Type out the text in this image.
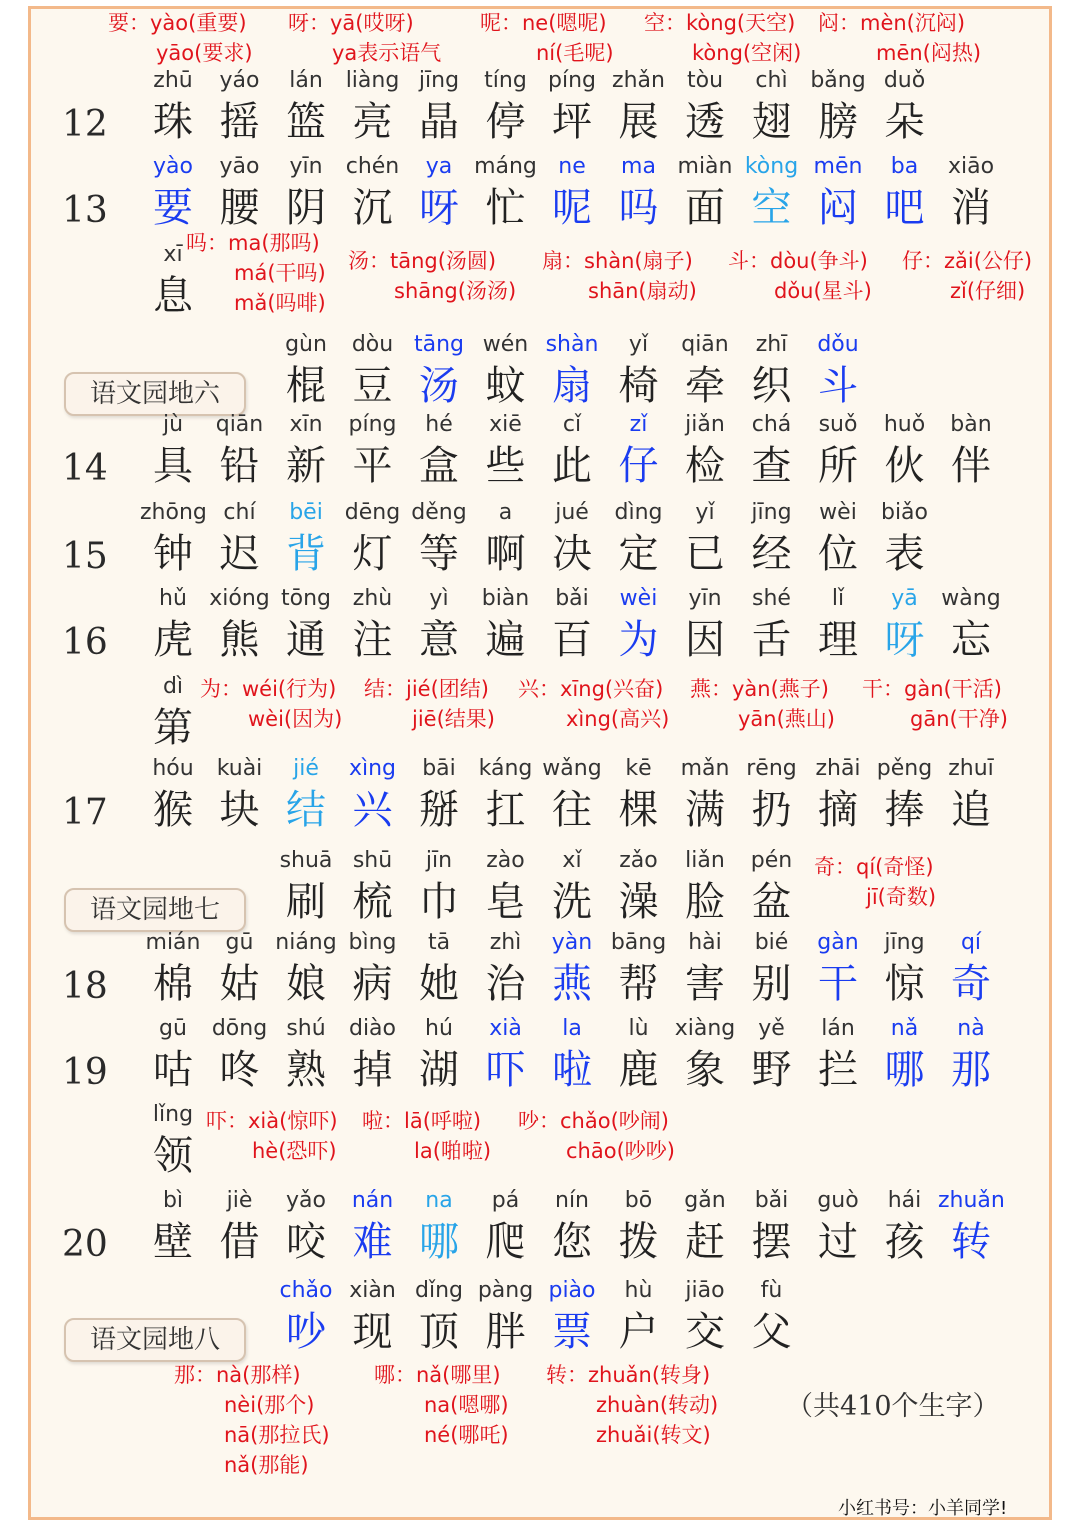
12
zhū
珠
yáo
摇
lán
篮
liàng
亮
jīng
晶
tíng
停
píng
坪
zhǎn
展
tòu
透
chì
翅
bǎng
膀
duǒ
朵
13
yào
要
yāo
腰
yīn
阴
chén
沉
ya
呀
máng
忙
ne
呢
ma
吗
miàn
面
kòng
空
mēn
闷
ba
吧
xiāo
消
xī
息
语文园地六
gùn
棍
dòu
豆
tāng
汤
wén
蚊
shàn
扇
yǐ
椅
qiān
牵
zhī
织
dǒu
斗
14
jù
具
qiān
铅
xīn
新
píng
平
hé
盒
xiē
些
cǐ
此
zǐ
仔
jiǎn
检
chá
查
suǒ
所
huǒ
伙
bàn
伴
15
zhōng
钟
chí
迟
bēi
背
dēng
灯
děng
等
a
啊
jué
决
dìng
定
yǐ
已
jīng
经
wèi
位
biǎo
表
16
hǔ
虎
xióng
熊
tōng
通
zhù
注
yì
意
biàn
遍
bǎi
百
wèi
为
yīn
因
shé
舌
lǐ
理
yā
呀
wàng
忘
dì
第
17
hóu
猴
kuài
块
jié
结
xìng
兴
bāi
掰
káng
扛
wǎng
往
kē
棵
mǎn
满
rēng
扔
zhāi
摘
pěng
捧
zhuī
追
语文园地七
shuā
刷
shū
梳
jīn
巾
zào
皂
xǐ
洗
zǎo
澡
liǎn
脸
pén
盆
18
mián
棉
gū
姑
niáng
娘
bìng
病
tā
她
zhì
治
yàn
燕
bāng
帮
hài
害
bié
别
gàn
干
jīng
惊
qí
奇
19
gū
咕
dōng
咚
shú
熟
diào
掉
hú
湖
xià
吓
la
啦
lù
鹿
xiàng
象
yě
野
lán
拦
nǎ
哪
nà
那
lǐng
领
20
bì
壁
jiè
借
yǎo
咬
nán
难
na
哪
pá
爬
nín
您
bō
拨
gǎn
赶
bǎi
摆
guò
过
hái
孩
zhuǎn
转
语文园地八
chǎo
吵
xiàn
现
dǐng
顶
pàng
胖
piào
票
hù
户
jiāo
交
fù
父
要：yào(重要)
yāo(要求)
呀：yā(哎呀)
ya表示语气
呢：ne(嗯呢)
ní(毛呢)
空：kòng(天空)
kòng(空闲)
闷：mèn(沉闷)
mēn(闷热)
吗：ma(那吗)
má(干吗)
mǎ(吗啡)
汤：tāng(汤圆)
shāng(汤汤)
扇：shàn(扇子)
shān(扇动)
斗：dòu(争斗)
dǒu(星斗)
仔：zǎi(公仔)
zǐ(仔细)
为：wéi(行为)
wèi(因为)
结：jié(团结)
jiē(结果)
兴：xīng(兴奋)
xìng(高兴)
燕：yàn(燕子)
yān(燕山)
干：gàn(干活)
gān(干净)
奇：qí(奇怪)
jī(奇数)
吓：xià(惊吓)
hè(恐吓)
啦：lā(呼啦)
la(啪啦)
吵：chǎo(吵闹)
chāo(吵吵)
那：nà(那样)
nèi(那个)
nā(那拉氏)
nǎ(那能)
哪：nǎ(哪里)
na(嗯哪)
né(哪吒)
转：zhuǎn(转身)
zhuàn(转动)
zhuǎi(转文)
（共410个生字）
小红书号：小羊同学!
